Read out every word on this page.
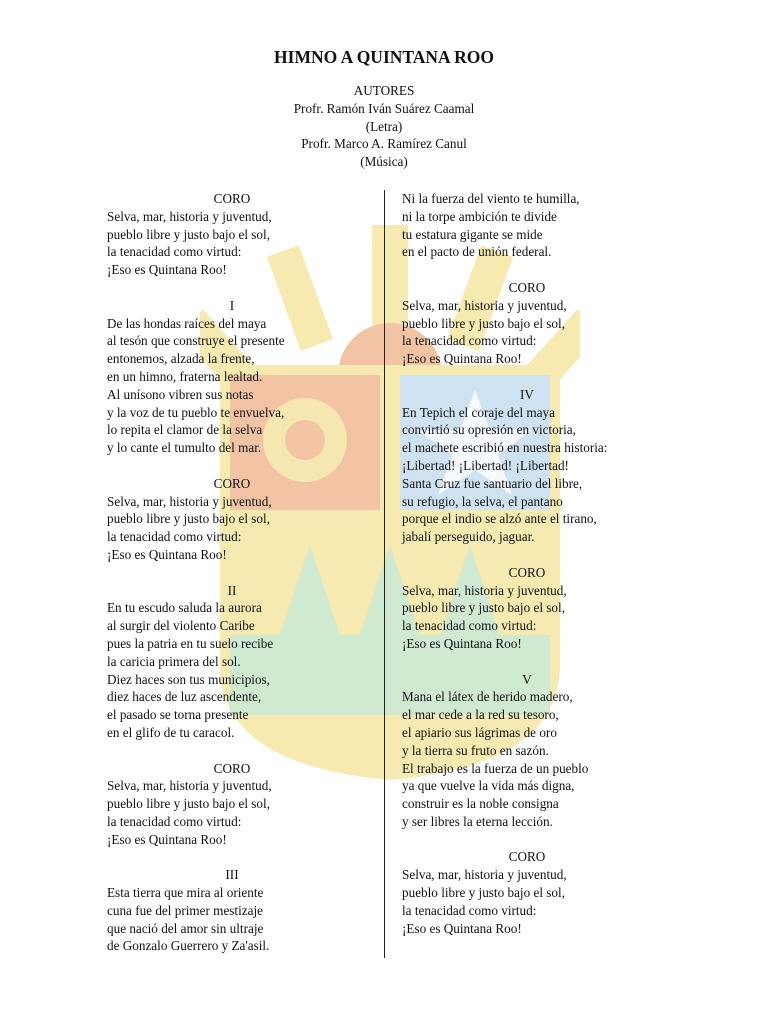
HIMNO A QUINTANA ROO
AUTORES
Profr. Ramón Iván Suárez Caamal
(Letra)
Profr. Marco A. Ramírez Canul
(Música)
CORO
Selva, mar, historia y juventud,
pueblo libre y justo bajo el sol,
la tenacidad como virtud:
¡Eso es Quintana Roo!
I
De las hondas raíces del maya
al tesón que construye el presente
entonemos, alzada la frente,
en un himno, fraterna lealtad.
Al unísono vibren sus notas
y la voz de tu pueblo te envuelva,
lo repita el clamor de la selva
y lo cante el tumulto del mar.
CORO
Selva, mar, historia y juventud,
pueblo libre y justo bajo el sol,
la tenacidad como virtud:
¡Eso es Quintana Roo!
II
En tu escudo saluda la aurora
al surgir del violento Caribe
pues la patria en tu suelo recibe
la caricia primera del sol.
Diez haces son tus municipios,
diez haces de luz ascendente,
el pasado se torna presente
en el glifo de tu caracol.
CORO
Selva, mar, historia y juventud,
pueblo libre y justo bajo el sol,
la tenacidad como virtud:
¡Eso es Quintana Roo!
III
Esta tierra que mira al oriente
cuna fue del primer mestizaje
que nació del amor sin ultraje
de Gonzalo Guerrero y Za'asil.
Ni la fuerza del viento te humilla,
ni la torpe ambición te divide
tu estatura gigante se mide
en el pacto de unión federal.
CORO
Selva, mar, historia y juventud,
pueblo libre y justo bajo el sol,
la tenacidad como virtud:
¡Eso es Quintana Roo!
IV
En Tepich el coraje del maya
convirtió su opresión en victoria,
el machete escribió en nuestra historia:
¡Libertad! ¡Libertad! ¡Libertad!
Santa Cruz fue santuario del libre,
su refugio, la selva, el pantano
porque el indio se alzó ante el tirano,
jabalí perseguido, jaguar.
CORO
Selva, mar, historia y juventud,
pueblo libre y justo bajo el sol,
la tenacidad como virtud:
¡Eso es Quintana Roo!
V
Mana el látex de herido madero,
el mar cede a la red su tesoro,
el apiario sus lágrimas de oro
y la tierra su fruto en sazón.
El trabajo es la fuerza de un pueblo
ya que vuelve la vida más digna,
construir es la noble consigna
y ser libres la eterna lección.
CORO
Selva, mar, historia y juventud,
pueblo libre y justo bajo el sol,
la tenacidad como virtud:
¡Eso es Quintana Roo!
